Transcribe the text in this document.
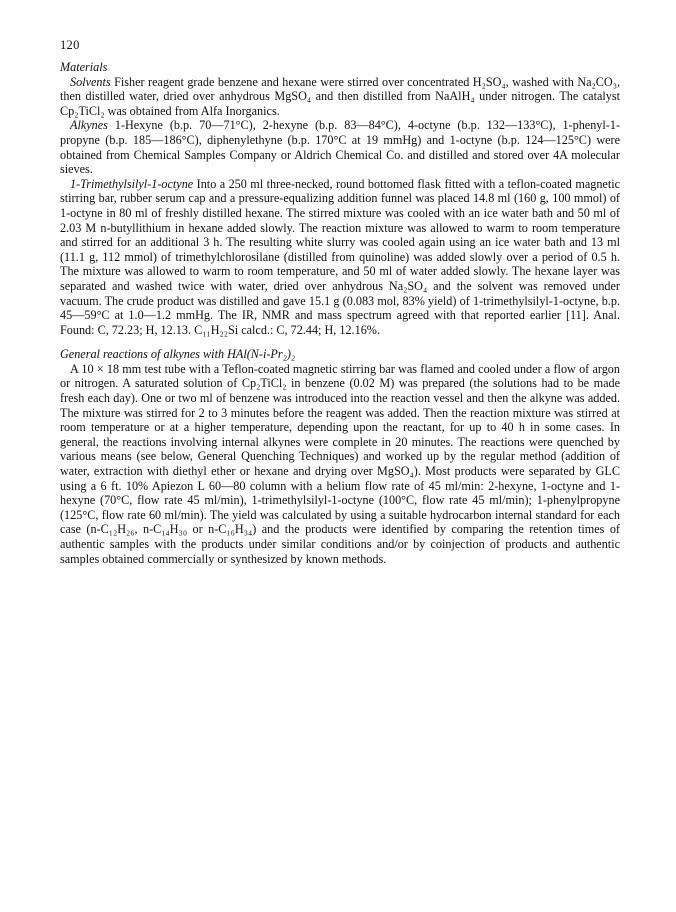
120

Materials

Solvents Fisher reagent grade benzene and hexane were stirred over concentrated H₂SO₄, washed with Na₂CO₃, then distilled water, dried over anhydrous MgSO₄ and then distilled from NaAlH₄ under nitrogen. The catalyst Cp₂TiCl₂ was obtained from Alfa Inorganics.

Alkynes 1-Hexyne (b.p. 70—71°C), 2-hexyne (b.p. 83—84°C), 4-octyne (b.p. 132—133°C), 1-phenyl-1-propyne (b.p. 185—186°C), diphenylethyne (b.p. 170°C at 19 mmHg) and 1-octyne (b.p. 124—125°C) were obtained from Chemical Samples Company or Aldrich Chemical Co. and distilled and stored over 4A molecular sieves.

1-Trimethylsilyl-1-octyne Into a 250 ml three-necked, round bottomed flask fitted with a teflon-coated magnetic stirring bar, rubber serum cap and a pressure-equalizing addition funnel was placed 14.8 ml (160 g, 100 mmol) of 1-octyne in 80 ml of freshly distilled hexane. The stirred mixture was cooled with an ice water bath and 50 ml of 2.03 M n-butyllithium in hexane added slowly. The reaction mixture was allowed to warm to room temperature and stirred for an additional 3 h. The resulting white slurry was cooled again using an ice water bath and 13 ml (11.1 g, 112 mmol) of trimethylchlorosilane (distilled from quinoline) was added slowly over a period of 0.5 h. The mixture was allowed to warm to room temperature, and 50 ml of water added slowly. The hexane layer was separated and washed twice with water, dried over anhydrous Na₂SO₄ and the solvent was removed under vacuum. The crude product was distilled and gave 15.1 g (0.083 mol, 83% yield) of 1-trimethylsilyl-1-octyne, b.p. 45—59°C at 1.0—1.2 mmHg. The IR, NMR and mass spectrum agreed with that reported earlier [11]. Anal. Found: C, 72.23; H, 12.13. C₁₁H₂₂Si calcd.: C, 72.44; H, 12.16%.

General reactions of alkynes with HAl(N-i-Pr₂)₂

A 10 × 18 mm test tube with a Teflon-coated magnetic stirring bar was flamed and cooled under a flow of argon or nitrogen. A saturated solution of Cp₂TiCl₂ in benzene (0.02 M) was prepared (the solutions had to be made fresh each day). One or two ml of benzene was introduced into the reaction vessel and then the alkyne was added. The mixture was stirred for 2 to 3 minutes before the reagent was added. Then the reaction mixture was stirred at room temperature or at a higher temperature, depending upon the reactant, for up to 40 h in some cases. In general, the reactions involving internal alkynes were complete in 20 minutes. The reactions were quenched by various means (see below, General Quenching Techniques) and worked up by the regular method (addition of water, extraction with diethyl ether or hexane and drying over MgSO₄). Most products were separated by GLC using a 6 ft. 10% Apiezon L 60—80 column with a helium flow rate of 45 ml/min: 2-hexyne, 1-octyne and 1-hexyne (70°C, flow rate 45 ml/min), 1-trimethylsilyl-1-octyne (100°C, flow rate 45 ml/min); 1-phenylpropyne (125°C, flow rate 60 ml/min). The yield was calculated by using a suitable hydrocarbon internal standard for each case (n-C₁₂H₂₆, n-C₁₄H₃₀ or n-C₁₆H₃₄) and the products were identified by comparing the retention times of authentic samples with the products under similar conditions and/or by coinjection of products and authentic samples obtained commercially or synthesized by known methods.
